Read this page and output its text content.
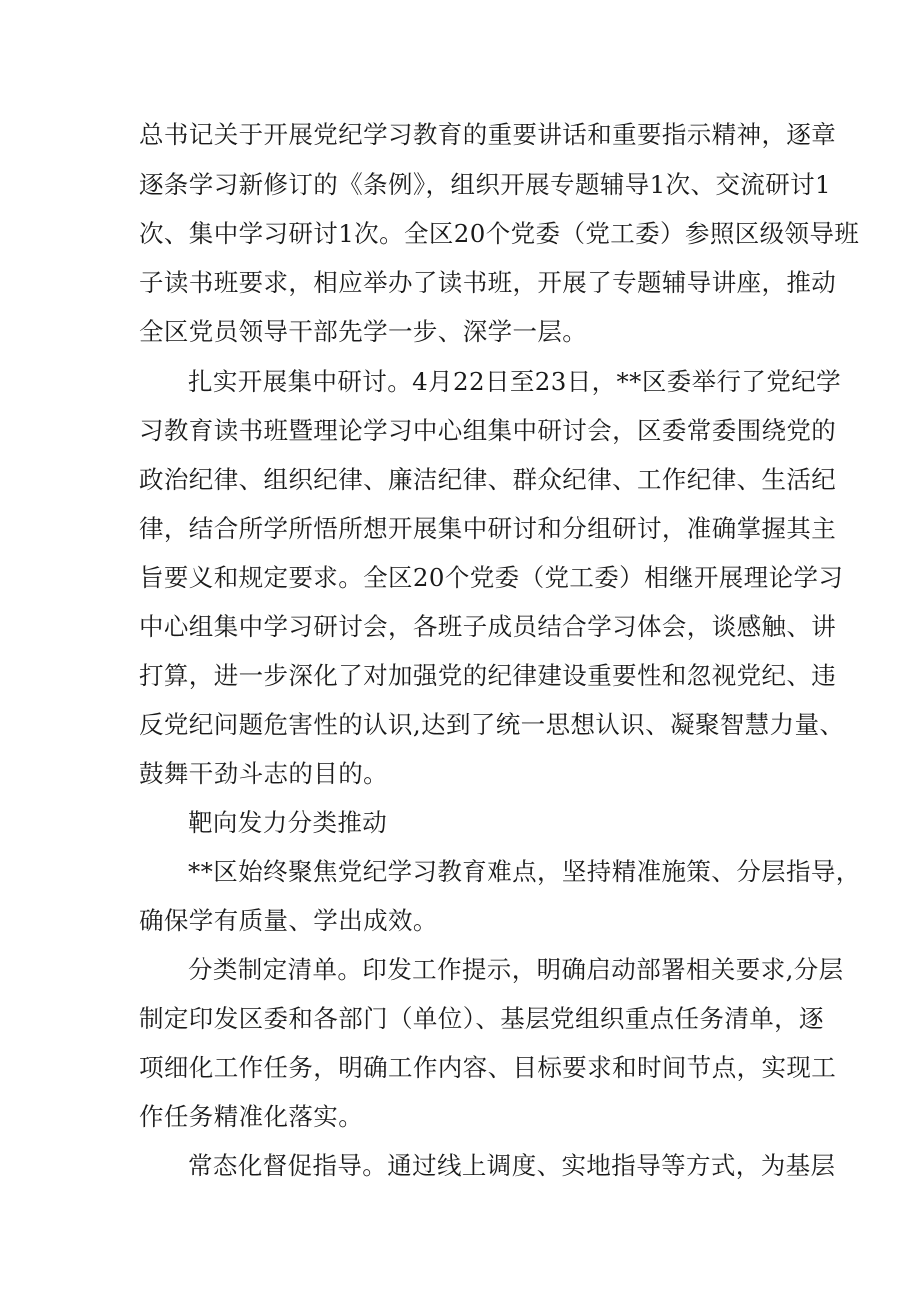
总书记关于开展党纪学习教育的重要讲话和重要指示精神，逐章
逐条学习新修订的《条例》，组织开展专题辅导1次、交流研讨1
次、集中学习研讨1次。全区20个党委（党工委）参照区级领导班
子读书班要求，相应举办了读书班，开展了专题辅导讲座，推动
全区党员领导干部先学一步、深学一层。
扎实开展集中研讨。4月22日至23日，**区委举行了党纪学
习教育读书班暨理论学习中心组集中研讨会，区委常委围绕党的
政治纪律、组织纪律、廉洁纪律、群众纪律、工作纪律、生活纪
律，结合所学所悟所想开展集中研讨和分组研讨，准确掌握其主
旨要义和规定要求。全区20个党委（党工委）相继开展理论学习
中心组集中学习研讨会，各班子成员结合学习体会，谈感触、讲
打算，进一步深化了对加强党的纪律建设重要性和忽视党纪、违
反党纪问题危害性的认识,达到了统一思想认识、凝聚智慧力量、
鼓舞干劲斗志的目的。
靶向发力分类推动
**区始终聚焦党纪学习教育难点，坚持精准施策、分层指导，
确保学有质量、学出成效。
分类制定清单。印发工作提示，明确启动部署相关要求,分层
制定印发区委和各部门（单位）、基层党组织重点任务清单，逐
项细化工作任务，明确工作内容、目标要求和时间节点，实现工
作任务精准化落实。
常态化督促指导。通过线上调度、实地指导等方式，为基层
